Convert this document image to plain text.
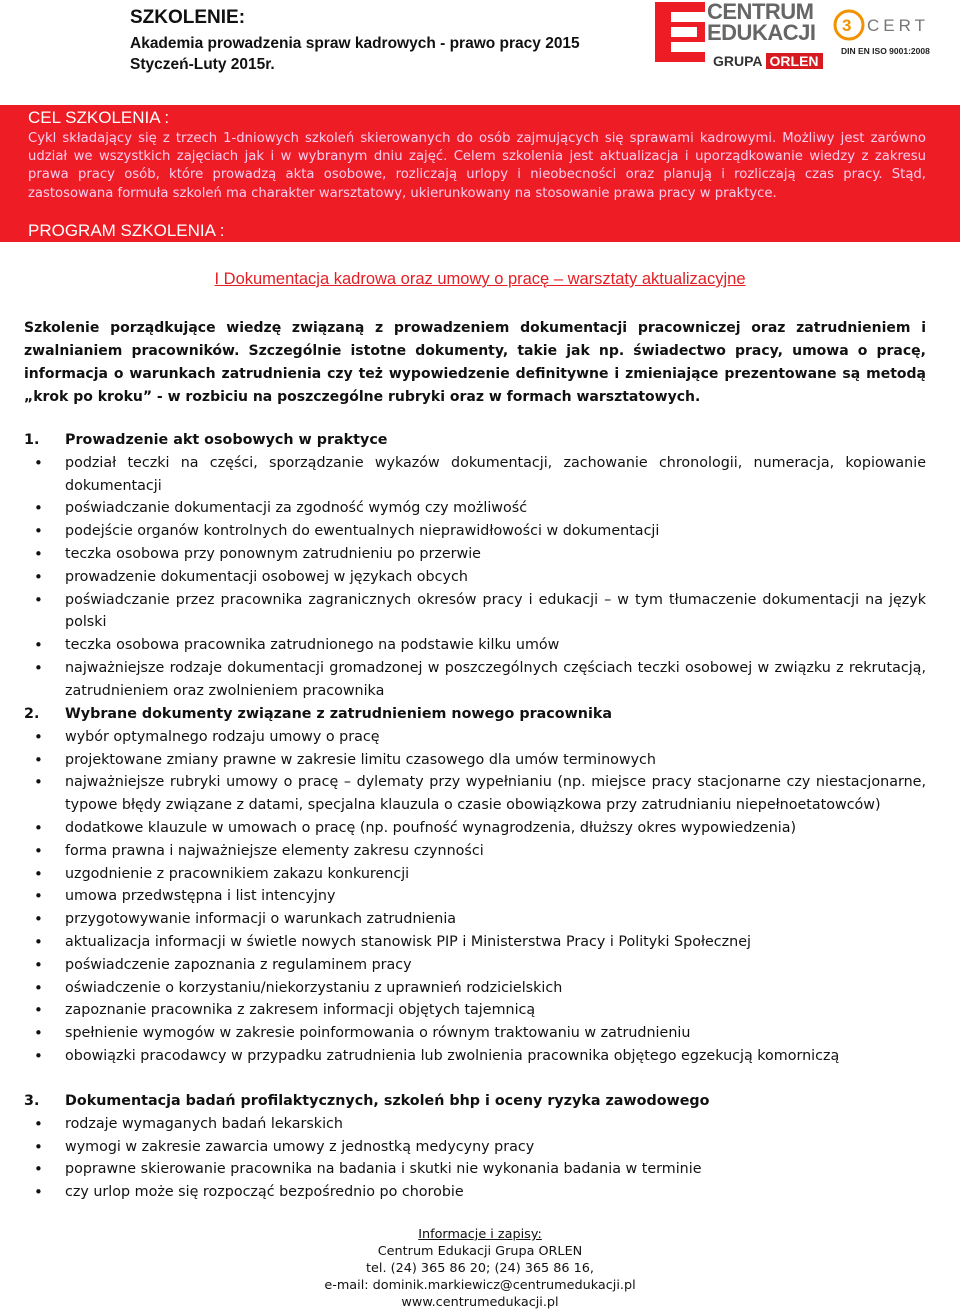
SZKOLENIE:
Akademia prowadzenia spraw kadrowych - prawo pracy 2015
Styczeń-Luty 2015r.
CENTRUM
EDUKACJI
GRUPA ORLEN
3 CERT
DIN EN ISO 9001:2008
CEL SZKOLENIA :
Cykl składający się z trzech 1-dniowych szkoleń skierowanych do osób zajmujących się sprawami kadrowymi. Możliwy jest zarówno udział we wszystkich zajęciach jak i w wybranym dniu zajęć. Celem szkolenia jest aktualizacja i uporządkowanie wiedzy z zakresu prawa pracy osób, które prowadzą akta osobowe, rozliczają urlopy i nieobecności oraz planują i rozliczają czas pracy. Stąd, zastosowana formuła szkoleń ma charakter warsztatowy, ukierunkowany na stosowanie prawa pracy w praktyce.
PROGRAM SZKOLENIA :
I Dokumentacja kadrowa oraz umowy o pracę – warsztaty aktualizacyjne
Szkolenie porządkujące wiedzę związaną z prowadzeniem dokumentacji pracowniczej oraz zatrudnieniem i zwalnianiem pracowników. Szczególnie istotne dokumenty, takie jak np. świadectwo pracy, umowa o pracę, informacja o warunkach zatrudnienia czy też wypowiedzenie definitywne i zmieniające prezentowane są metodą „krok po kroku” - w rozbiciu na poszczególne rubryki oraz w formach warsztatowych.
1.	Prowadzenie akt osobowych w praktyce
• podział teczki na części, sporządzanie wykazów dokumentacji, zachowanie chronologii, numeracja, kopiowanie dokumentacji
• poświadczanie dokumentacji za zgodność wymóg czy możliwość
• podejście organów kontrolnych do ewentualnych nieprawidłowości w dokumentacji
• teczka osobowa przy ponownym zatrudnieniu po przerwie
• prowadzenie dokumentacji osobowej w językach obcych
• poświadczanie przez pracownika zagranicznych okresów pracy i edukacji – w tym tłumaczenie dokumentacji na język polski
• teczka osobowa pracownika zatrudnionego na podstawie kilku umów
• najważniejsze rodzaje dokumentacji gromadzonej w poszczególnych częściach teczki osobowej w związku z rekrutacją, zatrudnieniem oraz zwolnieniem pracownika
2.	Wybrane dokumenty związane z zatrudnieniem nowego pracownika
• wybór optymalnego rodzaju umowy o pracę
• projektowane zmiany prawne w zakresie limitu czasowego dla umów terminowych
• najważniejsze rubryki umowy o pracę – dylematy przy wypełnianiu (np. miejsce pracy stacjonarne czy niestacjonarne, typowe błędy związane z datami, specjalna klauzula o czasie obowiązkowa przy zatrudnianiu niepełnoetatowców)
• dodatkowe klauzule w umowach o pracę (np. poufność wynagrodzenia, dłuższy okres wypowiedzenia)
• forma prawna i najważniejsze elementy zakresu czynności
• uzgodnienie z pracownikiem zakazu konkurencji
• umowa przedwstępna i list intencyjny
• przygotowywanie informacji o warunkach zatrudnienia
• aktualizacja informacji w świetle nowych stanowisk PIP i Ministerstwa Pracy i Polityki Społecznej
• poświadczenie zapoznania z regulaminem pracy
• oświadczenie o korzystaniu/niekorzystaniu z uprawnień rodzicielskich
• zapoznanie pracownika z zakresem informacji objętych tajemnicą
• spełnienie wymogów w zakresie poinformowania o równym traktowaniu w zatrudnieniu
• obowiązki pracodawcy w przypadku zatrudnienia lub zwolnienia pracownika objętego egzekucją komorniczą
3.	Dokumentacja badań profilaktycznych, szkoleń bhp i oceny ryzyka zawodowego
• rodzaje wymaganych badań lekarskich
• wymogi w zakresie zawarcia umowy z jednostką medycyny pracy
• poprawne skierowanie pracownika na badania i skutki nie wykonania badania w terminie
• czy urlop może się rozpocząć bezpośrednio po chorobie
Informacje i zapisy:
Centrum Edukacji Grupa ORLEN
tel. (24) 365 86 20; (24) 365 86 16,
e-mail: dominik.markiewicz@centrumedukacji.pl
www.centrumedukacji.pl
